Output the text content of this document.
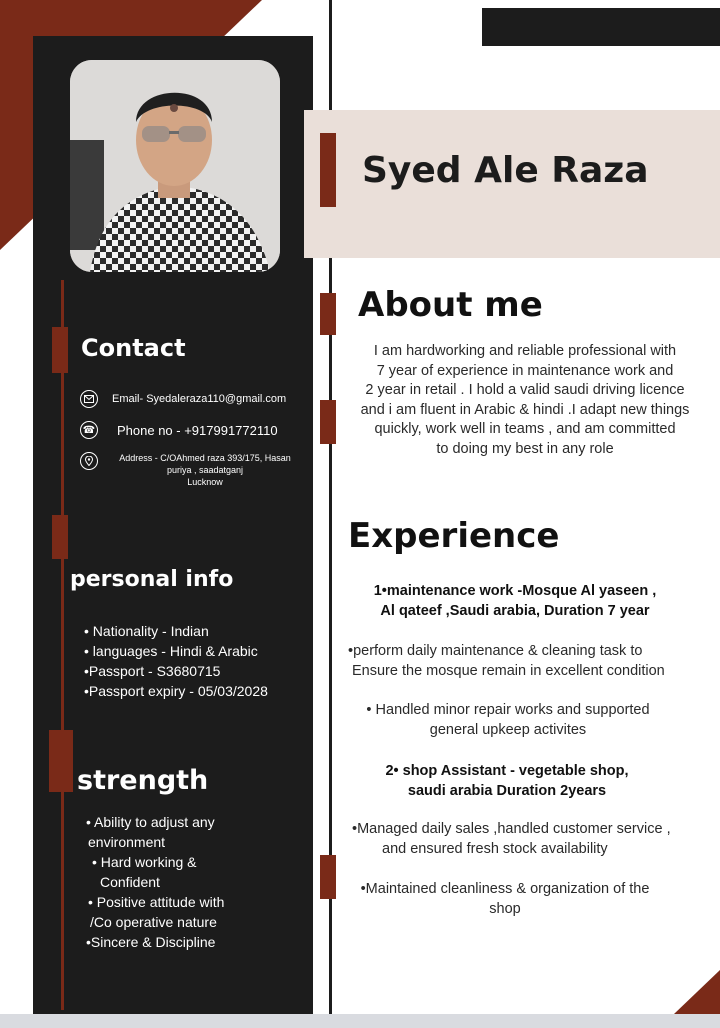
Contact
Email- Syedaleraza110@gmail.com
☎ Phone no - +917991772110
Address - C/OAhmed raza 393/175, Hasan
puriya , saadatganj
Lucknow
personal info
• Nationality - Indian
• languages - Hindi & Arabic
•Passport - S3680715
•Passport expiry - 05/03/2028
strength
• Ability to adjust any
environment
• Hard working &
Confident
• Positive attitude with
/Co operative nature
•Sincere & Discipline
Syed Ale Raza
About me
I am hardworking and reliable professional with
7 year of experience in maintenance work and
2 year in retail . I hold a valid saudi driving licence
and i am fluent in Arabic & hindi .I adapt new things
quickly, work well in teams , and am committed
to doing my best in any role
Experience
1•maintenance work -Mosque Al yaseen ,
Al qateef ,Saudi arabia, Duration 7 year
•perform daily maintenance & cleaning task to
Ensure the mosque remain in excellent condition
• Handled minor repair works and supported
general upkeep activites
2• shop Assistant - vegetable shop,
saudi arabia Duration 2years
•Managed daily sales ,handled customer service ,
and ensured fresh stock availability
•Maintained cleanliness & organization of the
shop
